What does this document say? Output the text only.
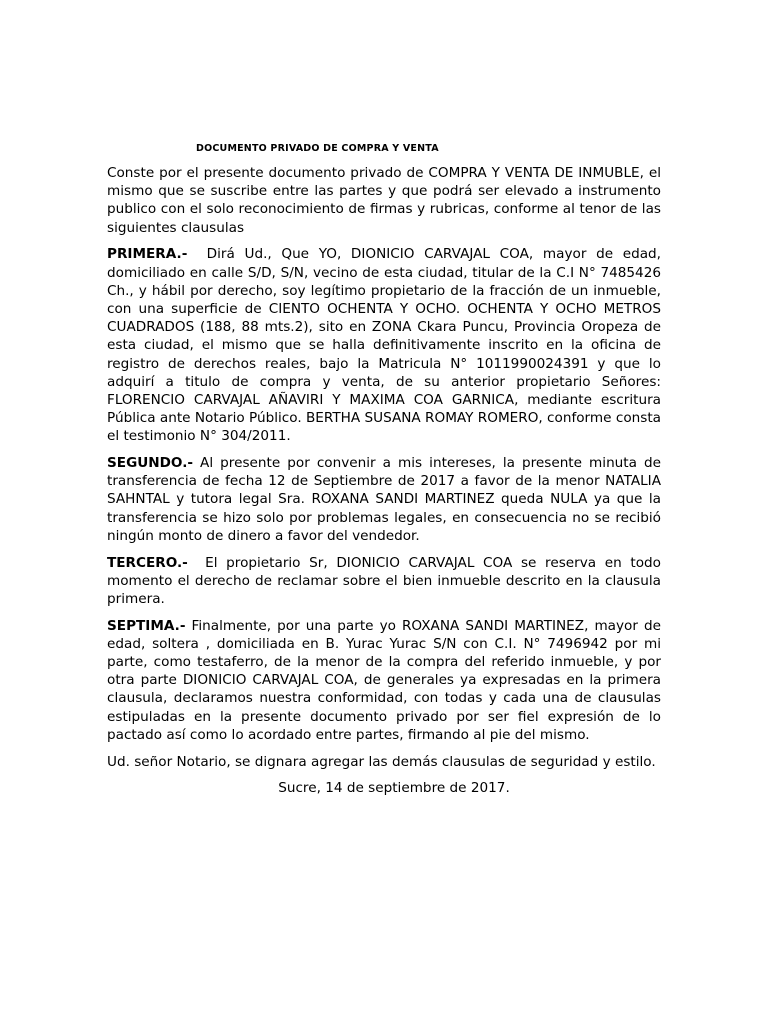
DOCUMENTO PRIVADO DE COMPRA Y VENTA

Conste por el presente documento privado de COMPRA Y VENTA DE INMUBLE, el mismo que se suscribe entre las partes y que podrá ser elevado a instrumento publico con el solo reconocimiento de firmas y rubricas, conforme al tenor de las siguientes clausulas

PRIMERA.- Dirá Ud., Que YO, DIONICIO CARVAJAL COA, mayor de edad, domiciliado en calle S/D, S/N, vecino de esta ciudad, titular de la C.I N° 7485426 Ch., y hábil por derecho, soy legítimo propietario de la fracción de un inmueble, con una superficie de CIENTO OCHENTA Y OCHO. OCHENTA Y OCHO METROS CUADRADOS (188, 88 mts.2), sito en ZONA Ckara Puncu, Provincia Oropeza de esta ciudad, el mismo que se halla definitivamente inscrito en la oficina de registro de derechos reales, bajo la Matricula N° 1011990024391 y que lo adquirí a titulo de compra y venta, de su anterior propietario Señores: FLORENCIO CARVAJAL AÑAVIRI Y MAXIMA COA GARNICA, mediante escritura Pública ante Notario Público. BERTHA SUSANA ROMAY ROMERO, conforme consta el testimonio N° 304/2011.

SEGUNDO.- Al presente por convenir a mis intereses, la presente minuta de transferencia de fecha 12 de Septiembre de 2017 a favor de la menor NATALIA SAHNTAL y tutora legal Sra. ROXANA SANDI MARTINEZ queda NULA ya que la transferencia se hizo solo por problemas legales, en consecuencia no se recibió ningún monto de dinero a favor del vendedor.

TERCERO.- El propietario Sr, DIONICIO CARVAJAL COA se reserva en todo momento el derecho de reclamar sobre el bien inmueble descrito en la clausula primera.

SEPTIMA.- Finalmente, por una parte yo ROXANA SANDI MARTINEZ, mayor de edad, soltera , domiciliada en B. Yurac Yurac S/N con C.I. N° 7496942 por mi parte, como testaferro, de la menor de la compra del referido inmueble, y por otra parte DIONICIO CARVAJAL COA, de generales ya expresadas en la primera clausula, declaramos nuestra conformidad, con todas y cada una de clausulas estipuladas en la presente documento privado por ser fiel expresión de lo pactado así como lo acordado entre partes, firmando al pie del mismo.

Ud. señor Notario, se dignara agregar las demás clausulas de seguridad y estilo.

Sucre, 14 de septiembre de 2017.
